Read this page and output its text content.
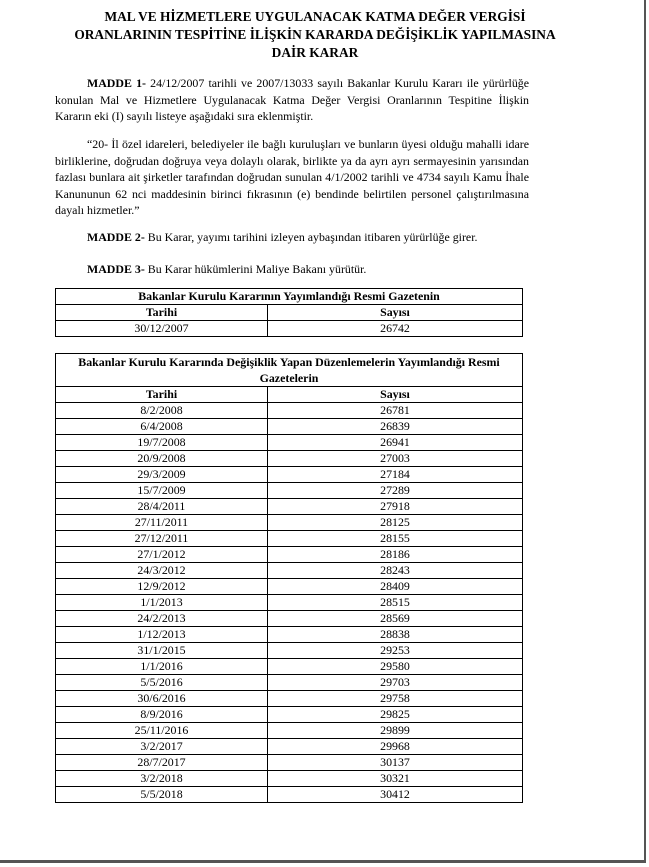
MAL VE HİZMETLERE UYGULANACAK KATMA DEĞER VERGİSİ
ORANLARININ TESPİTİNE İLİŞKİN KARARDA DEĞİŞİKLİK YAPILMASINA
DAİR KARAR
MADDE 1- 24/12/2007 tarihli ve 2007/13033 sayılı Bakanlar Kurulu Kararı ile yürürlüğe konulan Mal ve Hizmetlere Uygulanacak Katma Değer Vergisi Oranlarının Tespitine İlişkin Kararın eki (I) sayılı listeye aşağıdaki sıra eklenmiştir.
“20- İl özel idareleri, belediyeler ile bağlı kuruluşları ve bunların üyesi olduğu mahalli idare birliklerine, doğrudan doğruya veya dolaylı olarak, birlikte ya da ayrı ayrı sermayesinin yarısından fazlası bunlara ait şirketler tarafından doğrudan sunulan 4/1/2002 tarihli ve 4734 sayılı Kamu İhale Kanununun 62 nci maddesinin birinci fıkrasının (e) bendinde belirtilen personel çalıştırılmasına dayalı hizmetler.”
MADDE 2- Bu Karar, yayımı tarihini izleyen aybaşından itibaren yürürlüğe girer.
MADDE 3- Bu Karar hükümlerini Maliye Bakanı yürütür.
Bakanlar Kurulu Kararının Yayımlandığı Resmi Gazetenin	
Tarihi	Sayısı
30/12/2007	26742
Bakanlar Kurulu Kararında Değişiklik Yapan Düzenlemelerin Yayımlandığı Resmi Gazetelerin	
Tarihi	Sayısı
8/2/2008	26781
6/4/2008	26839
19/7/2008	26941
20/9/2008	27003
29/3/2009	27184
15/7/2009	27289
28/4/2011	27918
27/11/2011	28125
27/12/2011	28155
27/1/2012	28186
24/3/2012	28243
12/9/2012	28409
1/1/2013	28515
24/2/2013	28569
1/12/2013	28838
31/1/2015	29253
1/1/2016	29580
5/5/2016	29703
30/6/2016	29758
8/9/2016	29825
25/11/2016	29899
3/2/2017	29968
28/7/2017	30137
3/2/2018	30321
5/5/2018	30412
